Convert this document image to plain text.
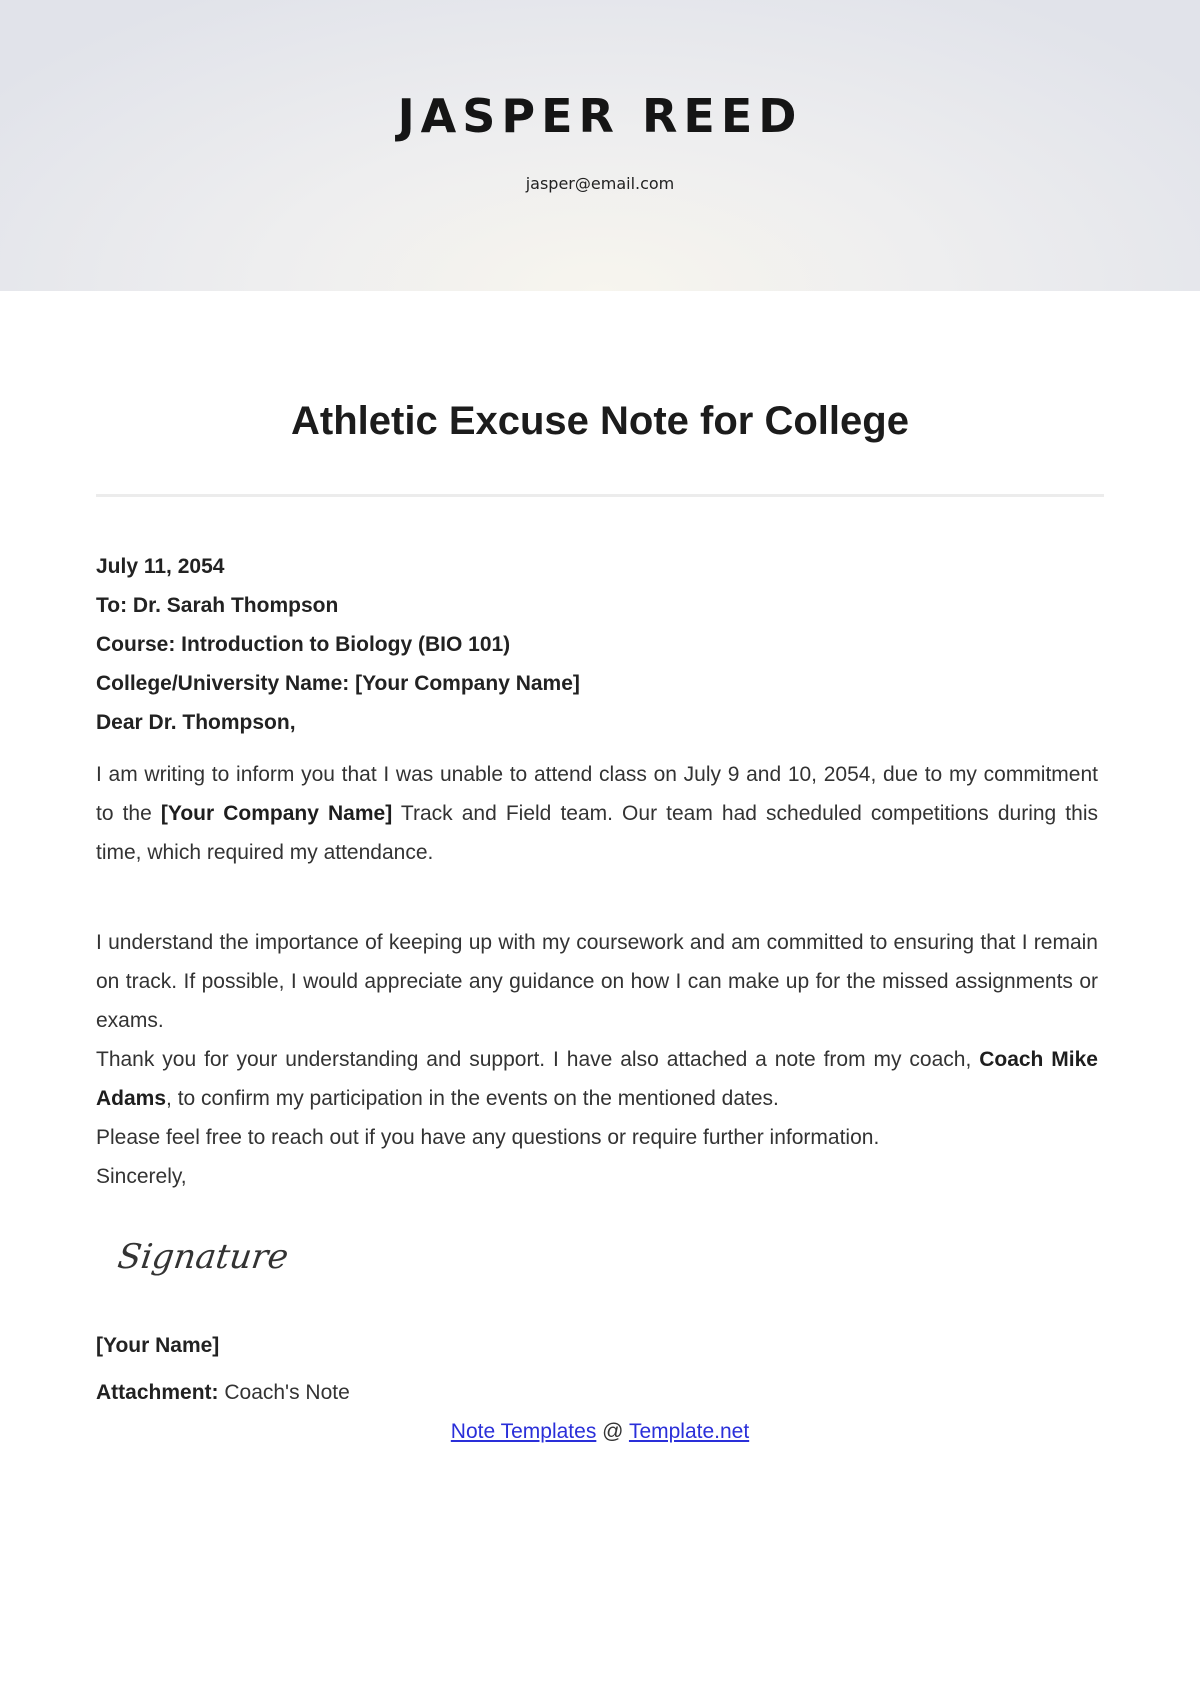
JASPER REED
jasper@email.com
Athletic Excuse Note for College
July 11, 2054
To: Dr. Sarah Thompson
Course: Introduction to Biology (BIO 101)
College/University Name: [Your Company Name]
Dear Dr. Thompson,
I am writing to inform you that I was unable to attend class on July 9 and 10, 2054, due to my commitment to the [Your Company Name] Track and Field team. Our team had scheduled competitions during this time, which required my attendance.
I understand the importance of keeping up with my coursework and am committed to ensuring that I remain on track. If possible, I would appreciate any guidance on how I can make up for the missed assignments or exams.
Thank you for your understanding and support. I have also attached a note from my coach, Coach Mike Adams, to confirm my participation in the events on the mentioned dates.
Please feel free to reach out if you have any questions or require further information.
Sincerely,
Signature
[Your Name]
Attachment: Coach's Note
Note Templates @ Template.net
